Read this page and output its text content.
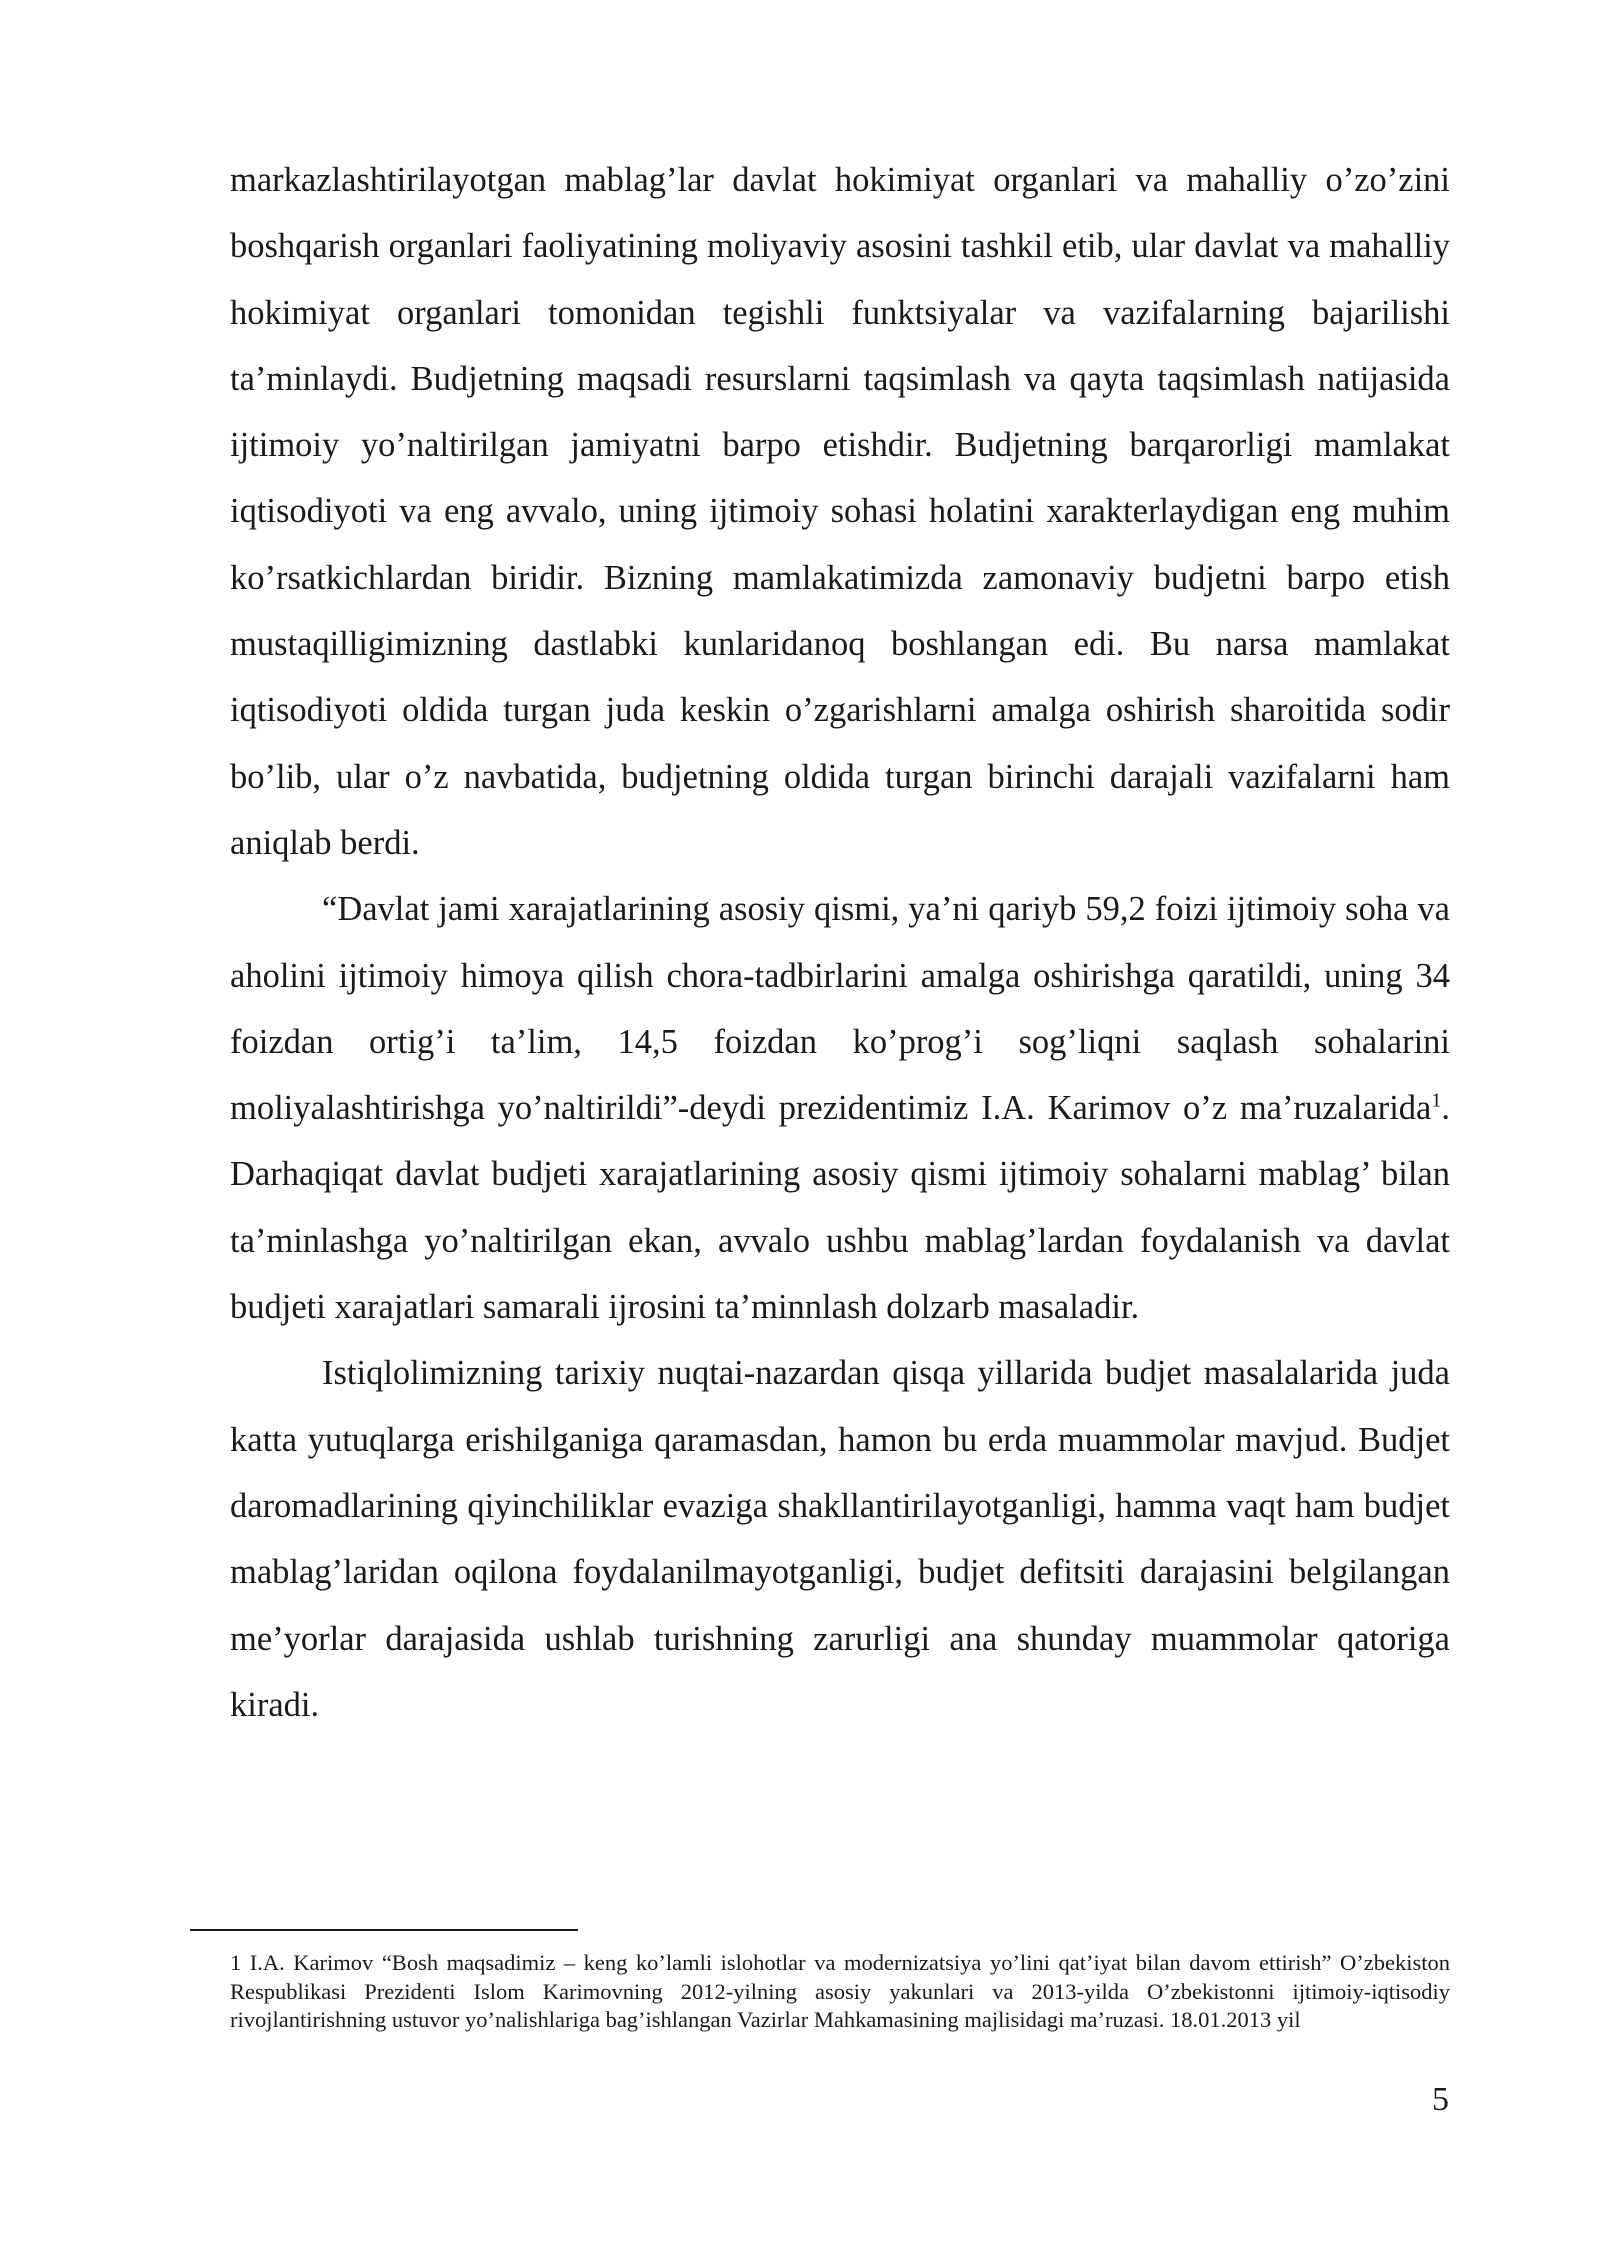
markazlashtirilayotgan mablag’lar davlat hokimiyat organlari va mahalliy o’zo’zini boshqarish organlari faoliyatining moliyaviy asosini tashkil etib, ular davlat va mahalliy hokimiyat organlari tomonidan tegishli funktsiyalar va vazifalarning bajarilishi ta’minlaydi. Budjetning maqsadi resurslarni taqsimlash va qayta taqsimlash natijasida ijtimoiy yo’naltirilgan jamiyatni barpo etishdir. Budjetning barqarorligi mamlakat iqtisodiyoti va eng avvalo, uning ijtimoiy sohasi holatini xarakterlaydigan eng muhim ko’rsatkichlardan biridir. Bizning mamlakatimizda zamonaviy budjetni barpo etish mustaqilligimizning dastlabki kunlaridanoq boshlangan edi. Bu narsa mamlakat iqtisodiyoti oldida turgan juda keskin o’zgarishlarni amalga oshirish sharoitida sodir bo’lib, ular o’z navbatida, budjetning oldida turgan birinchi darajali vazifalarni ham aniqlab berdi.

“Davlat jami xarajatlarining asosiy qismi, ya’ni qariyb 59,2 foizi ijtimoiy soha va aholini ijtimoiy himoya qilish chora-tadbirlarini amalga oshirishga qaratildi, uning 34 foizdan ortig’i ta’lim, 14,5 foizdan ko’prog’i sog’liqni saqlash sohalarini moliyalashtirishga yo’naltirildi”-deydi prezidentimiz I.A. Karimov o’z ma’ruzalarida$^1$. Darhaqiqat davlat budjeti xarajatlarining asosiy qismi ijtimoiy sohalarni mablag’ bilan ta’minlashga yo’naltirilgan ekan, avvalo ushbu mablag’lardan foydalanish va davlat budjeti xarajatlari samarali ijrosini ta’minnlash dolzarb masaladir.

Istiqlolimizning tarixiy nuqtai-nazardan qisqa yillarida budjet masalalarida juda katta yutuqlarga erishilganiga qaramasdan, hamon bu erda muammolar mavjud. Budjet daromadlarining qiyinchiliklar evaziga shakllantirilayotganligi, hamma vaqt ham budjet mablag’laridan oqilona foydalanilmayotganligi, budjet defitsiti darajasini belgilangan me’yorlar darajasida ushlab turishning zarurligi ana shunday muammolar qatoriga kiradi.

1 I.A. Karimov “Bosh maqsadimiz – keng ko’lamli islohotlar va modernizatsiya yo’lini qat’iyat bilan davom ettirish” O’zbekiston Respublikasi Prezidenti Islom Karimovning 2012-yilning asosiy yakunlari va 2013-yilda O’zbekistonni ijtimoiy-iqtisodiy rivojlantirishning ustuvor yo’nalishlariga bag’ishlangan Vazirlar Mahkamasining majlisidagi ma’ruzasi. 18.01.2013 yil

5
